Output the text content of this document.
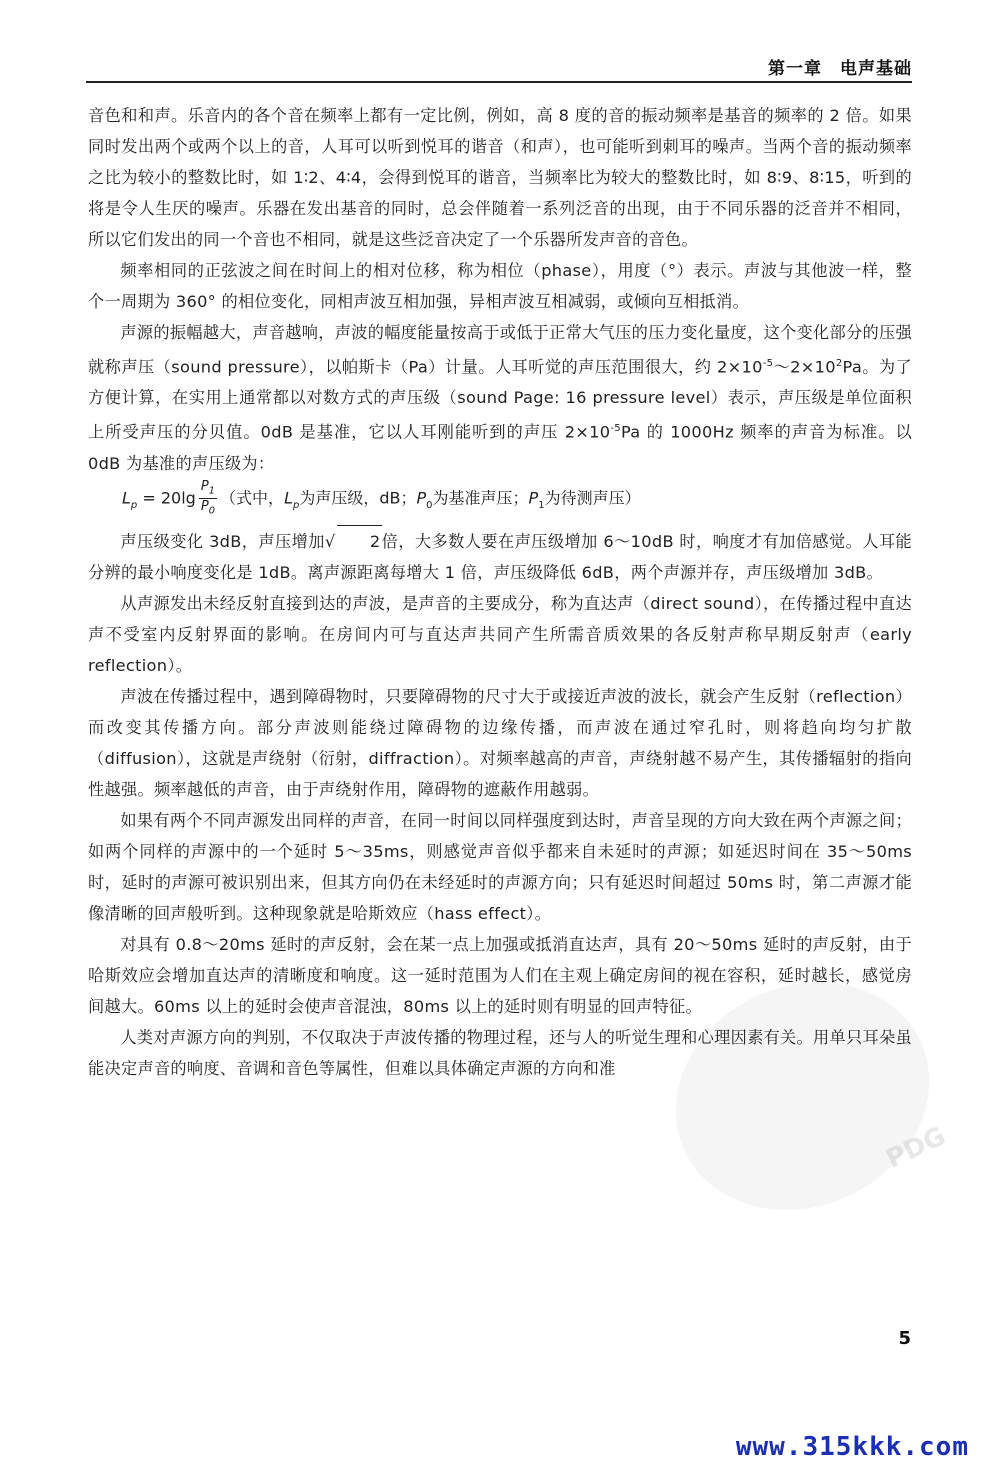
第一章　电声基础
PDG

音色和和声。乐音内的各个音在频率上都有一定比例，例如，高 8 度的音的振动频率是基音的频率的 2 倍。如果同时发出两个或两个以上的音，人耳可以听到悦耳的谐音（和声），也可能听到刺耳的噪声。当两个音的振动频率之比为较小的整数比时，如 1∶2、4∶4，会得到悦耳的谐音，当频率比为较大的整数比时，如 8∶9、8∶15，听到的将是令人生厌的噪声。乐器在发出基音的同时，总会伴随着一系列泛音的出现，由于不同乐器的泛音并不相同，所以它们发出的同一个音也不相同，就是这些泛音决定了一个乐器所发声音的音色。

频率相同的正弦波之间在时间上的相对位移，称为相位（phase），用度（°）表示。声波与其他波一样，整个一周期为 360° 的相位变化，同相声波互相加强，异相声波互相减弱，或倾向互相抵消。

声源的振幅越大，声音越响，声波的幅度能量按高于或低于正常大气压的压力变化量度，这个变化部分的压强就称声压（sound pressure），以帕斯卡（Pa）计量。人耳听觉的声压范围很大，约 $2\times 10^{-5}\sim 2\times 10^2Pa$。为了方便计算，在实用上通常都以对数方式的声压级（sound Page: 16 pressure level）表示，声压级是单位面积上所受声压的分贝值。0dB 是基准，它以人耳刚能听到的声压 $2\times 10^{-5}Pa$ 的 1000Hz 频率的声音为标准。以 0dB 为基准的声压级为：

$L_p = 20\lg \frac{P_1}{P_0}$ （式中，$L_p$为声压级，dB；$P_0$为基准声压；$P_1$为待测声压）

声压级变化 3dB，声压增加√ 2倍，大多数人要在声压级增加 6～10dB 时，响度才有加倍感觉。人耳能分辨的最小响度变化是 1dB。离声源距离每增大 1 倍，声压级降低 6dB，两个声源并存，声压级增加 3dB。

从声源发出未经反射直接到达的声波，是声音的主要成分，称为直达声（direct sound），在传播过程中直达声不受室内反射界面的影响。在房间内可与直达声共同产生所需音质效果的各反射声称早期反射声（early reflection）。

声波在传播过程中，遇到障碍物时，只要障碍物的尺寸大于或接近声波的波长，就会产生反射（reflection）而改变其传播方向。部分声波则能绕过障碍物的边缘传播，而声波在通过窄孔时，则将趋向均匀扩散（diffusion），这就是声绕射（衍射，diffraction）。对频率越高的声音，声绕射越不易产生，其传播辐射的指向性越强。频率越低的声音，由于声绕射作用，障碍物的遮蔽作用越弱。

如果有两个不同声源发出同样的声音，在同一时间以同样强度到达时，声音呈现的方向大致在两个声源之间；如两个同样的声源中的一个延时 5～35ms，则感觉声音似乎都来自未延时的声源；如延迟时间在 35～50ms 时，延时的声源可被识别出来，但其方向仍在未经延时的声源方向；只有延迟时间超过 50ms 时，第二声源才能像清晰的回声般听到。这种现象就是哈斯效应（hass effect）。

对具有 0.8～20ms 延时的声反射，会在某一点上加强或抵消直达声，具有 20～50ms 延时的声反射，由于哈斯效应会增加直达声的清晰度和响度。这一延时范围为人们在主观上确定房间的视在容积，延时越长，感觉房间越大。60ms 以上的延时会使声音混浊，80ms 以上的延时则有明显的回声特征。

人类对声源方向的判别，不仅取决于声波传播的物理过程，还与人的听觉生理和心理因素有关。用单只耳朵虽能决定声音的响度、音调和音色等属性，但难以具体确定声源的方向和准

5
www.315kkk.com
